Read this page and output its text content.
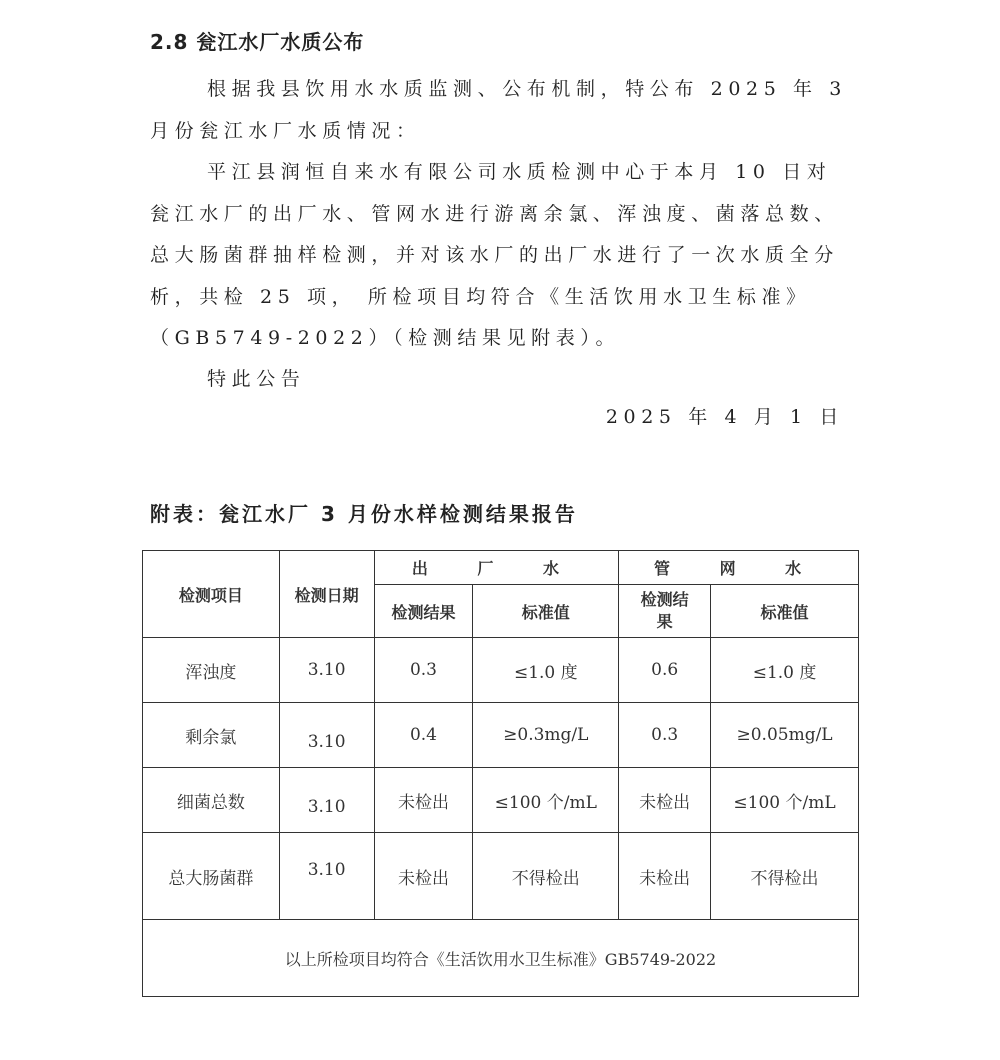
2.8 瓮江水厂水质公布

根据我县饮用水水质监测、公布机制，特公布 2025 年 3 月份瓮江水厂水质情况：

平江县润恒自来水有限公司水质检测中心于本月 10 日对瓮江水厂的出厂水、管网水进行游离余氯、浑浊度、菌落总数、总大肠菌群抽样检测，并对该水厂的出厂水进行了一次水质全分析，共检 25 项， 所检项目均符合《生活饮用水卫生标准》（GB5749-2022）（检测结果见附表）。

特此公告

2025 年 4 月 1 日

附表：瓮江水厂 3 月份水样检测结果报告
检测项目	检测日期	出 厂 水		管 网 水	
		检测结果	标准值	检测结果	标准值
浑浊度	3.10	0.3	≤1.0 度	0.6	≤1.0 度
剩余氯	3.10	0.4	≥0.3mg/L	0.3	≥0.05mg/L
细菌总数	3.10	未检出	≤100 个/mL	未检出	≤100 个/mL
总大肠菌群	3.10	未检出	不得检出	未检出	不得检出
以上所检项目均符合《生活饮用水卫生标准》GB5749-2022					
